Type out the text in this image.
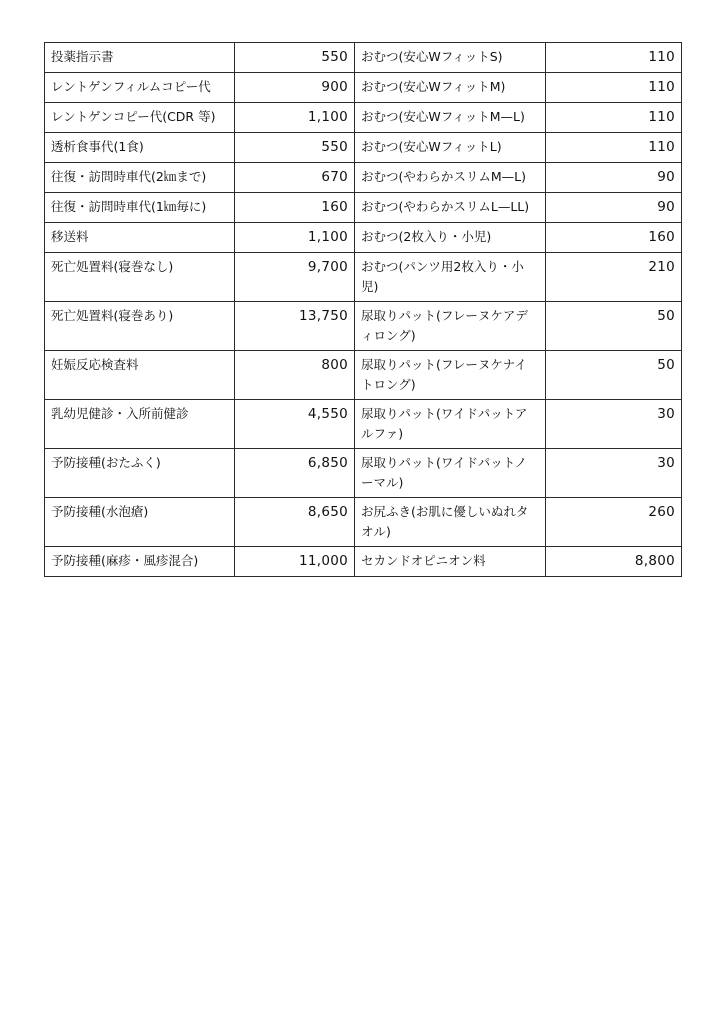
投薬指示書	550	おむつ(安心WフィットS)	110
レントゲンフィルムコピー代	900	おむつ(安心WフィットM)	110
レントゲンコピー代(CDR 等)	1,100	おむつ(安心WフィットM—L)	110
透析食事代(1食)	550	おむつ(安心WフィットL)	110
往復・訪問時車代(2㎞まで)	670	おむつ(やわらかスリムM—L)	90
往復・訪問時車代(1㎞毎に)	160	おむつ(やわらかスリムL—LL)	90
移送料	1,100	おむつ(2枚入り・小児)	160
死亡処置料(寝巻なし)	9,700	おむつ(パンツ用2枚入り・小児)	210
死亡処置料(寝巻あり)	13,750	尿取りパット(フレーヌケアディロング)	50
妊娠反応検査料	800	尿取りパット(フレーヌケナイトロング)	50
乳幼児健診・入所前健診	4,550	尿取りパット(ワイドパットアルファ)	30
予防接種(おたふく)	6,850	尿取りパット(ワイドパットノーマル)	30
予防接種(水泡瘡)	8,650	お尻ふき(お肌に優しいぬれタオル)	260
予防接種(麻疹・風疹混合)	11,000	セカンドオピニオン料	8,800
